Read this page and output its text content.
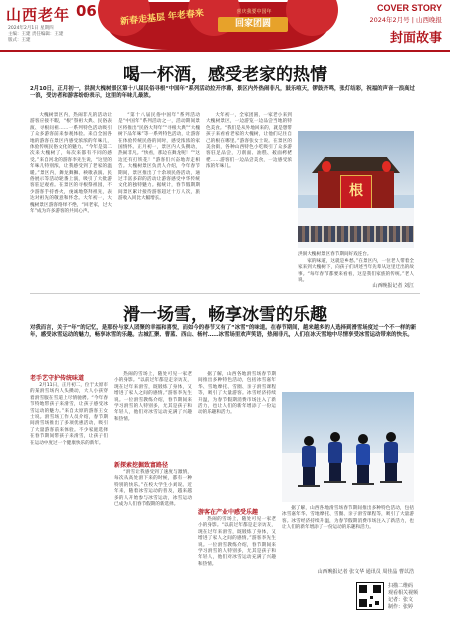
山西老年 06
2024年2月1日 星期四
主编：王建 责任编辑：王建
版式：王建
新春走基层 年老春来	喜庆我要中国年
回家团圆
COVER STORY
2024年2月号 | 山西晚报
封面故事
喝一杯酒，感受老家的热情
2月10日，正月初一，洪洞大槐树景区第十八届民俗寻根“中国年”系列活动拉开序幕，景区内外热闹非凡，鼓乐喧天，锣鼓齐鸣，张灯结彩，祝福的声音一浪高过一浪，受访者和游客纷纷表示，这里的年味儿最浓。

大槐树景区内，热闹非凡的活动让游客应接不暇，“根”祭祖大典、民俗表演、寻根问祖……一系列特色活动吸引了众多游客前来参观体验。来自全国各地的游客在景区内感受浓浓的年味儿，体验传统民俗文化的魅力。“今年是第二次来大槐树了，每次来都有不同的感受。”来自河北的游客李先生说，“这里的年味儿特别浓，让我感受到了老家的温暖。”景区内，舞龙舞狮、秧歌表演、民俗展示等活动轮番上演，吸引了大批游客驻足观看。在景区的寻根祭祖园，不少游客手持香火，虔诚地祭拜祖先，表达对祖先的敬意和怀念。大年初一，大槐树景区游客络绎不绝，“回老家，过大年”成为许多游客的共同心声。

“第十八届民俗中国年”系列活动是“中国年”系列活动之一，活动期间景区将推出“民俗大拜年”“寻根大典”“大槐树下品年味”等一系列特色活动，让游客在体验传统民俗的同时，感受浓浓的家国情怀。正月初一，景区内人头攒动，热闹非凡。“快看，那边在舞龙呢！”“这边还有打铁花！”游客们兴奋地奔走相告。大槐树景区负责人介绍，今年春节期间，景区推出了十余项民俗活动，通过丰富多彩的活动让游客感受中华传统文化的独特魅力。据统计，春节假期期间景区累计接待游客超过十万人次，旅游收入同比大幅增长。

大年初一，全家团圆，一家老小来到大槐树景区，一边游览一边品尝当地的特色美食。“我们是从外地回来的，就是想带孩子来看看老家的大槐树，让他们记住自己的根在哪里。”游客张女士说。在景区的美食街，各种山西特色小吃吸引了众多游客驻足品尝，刀削面、油糕、莜面栲栳栳……游客们一边品尝美食，一边感受浓浓的年味儿。

根
洪洞大槐树景区春节期间好戏连台。

家的味道，这就是乡愁。”在景区内，一位老人带着全家来到大槐树下，向孩子们讲述当年先辈从这里迁出的故事。“每年春节都要来看看，这是我们家族的传统。”老人说。

山西晚报记者 刘江
滑一场雪，畅享冰雪的乐趣
对我而言，关于“年”的记忆，是那份与家人团聚的幸福和喜悦，而如今的春节又有了“冰雪”的味道。在春节期间，越来越多的人选择到滑雪场度过一个不一样的新年，感受冰雪运动的魅力，畅享冰雪的乐趣。古城汇聚、曹蓝、西山、杨村……冰雪场里欢声笑语，热闹非凡，人们在冰天雪地中尽情享受冰雪运动带来的快乐。
老手艺守护传统味道

2月11日，正月初二，位于太原市的某滑雪场内人头攒动，大人小孩穿着滑雪服在雪道上尽情驰骋。“今年春节特地带孩子来滑雪，让孩子感受冰雪运动的魅力。”来自太原的游客王女士说。滑雪场工作人员介绍，春节期间滑雪场推出了多项优惠活动，吸引了大量游客前来体验。不少家庭选择在春节期间带孩子来滑雪，让孩子们在运动中度过一个健康快乐的新年。

热闹的雪场上，随处可见一家老小的身影。“以前过年都是走亲访友，现在过年来滑雪，既锻炼了身体，又增进了家人之间的感情。”游客李先生说。一位滑雪教练介绍，春节期间来学习滑雪的人特别多，尤其是孩子和年轻人，他们对冰雪运动充满了兴趣和热情。

新探索挖掘致富路径

“滑雪让我感受到了速度与激情，每次从高处滑下来的时候，都有一种特别的快乐。”在校大学生小刘说。近年来，随着冰雪运动的普及，越来越多的人开始参与冰雪运动，冰雪运动已成为人们春节假期的新选择。

据了解，山西各地滑雪场春节期间推出多种特色活动，包括冰雪嘉年华、雪地摩托、雪圈、亲子滑雪课程等，吸引了大量游客。冰雪经济持续升温，为春节假期消费市场注入了新活力，也让人们的新年增添了一份运动的乐趣和活力。

游客在产业中感受乐趣

热闹的雪场上，随处可见一家老小的身影。“以前过年都是走亲访友，现在过年来滑雪，既锻炼了身体，又增进了家人之间的感情。”游客李先生说。一位滑雪教练介绍，春节期间来学习滑雪的人特别多，尤其是孩子和年轻人，他们对冰雪运动充满了兴趣和热情。

据了解，山西各地滑雪场春节期间推出多种特色活动，包括冰雪嘉年华、雪地摩托、雪圈、亲子滑雪课程等，吸引了大量游客。冰雪经济持续升温，为春节假期消费市场注入了新活力，也让人们的新年增添了一份运动的乐趣和活力。

山西晚报记者 张文华 通讯员 周佳晶 曹苡浩
扫描二维码
观看相关视频
记者：张文
制作：张婷
